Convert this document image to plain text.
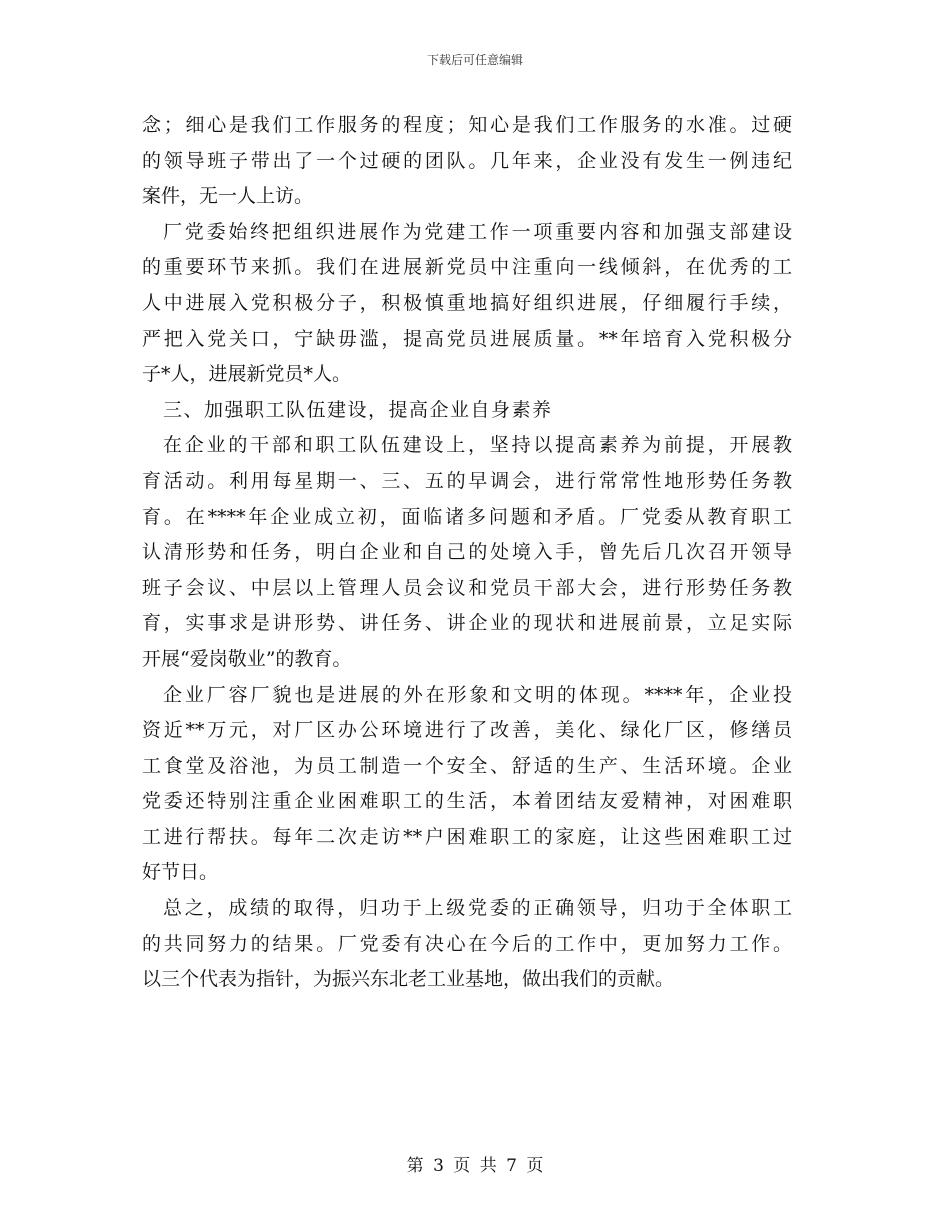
下载后可任意编辑
念；细心是我们工作服务的程度；知心是我们工作服务的水准。过硬
的领导班子带出了一个过硬的团队。几年来，企业没有发生一例违纪
案件，无一人上访。
厂党委始终把组织进展作为党建工作一项重要内容和加强支部建设
的重要环节来抓。我们在进展新党员中注重向一线倾斜，在优秀的工
人中进展入党积极分子，积极慎重地搞好组织进展，仔细履行手续，
严把入党关口，宁缺毋滥，提高党员进展质量。**年培育入党积极分
子*人，进展新党员*人。
三、加强职工队伍建设，提高企业自身素养
在企业的干部和职工队伍建设上，坚持以提高素养为前提，开展教
育活动。利用每星期一、三、五的早调会，进行常常性地形势任务教
育。在****年企业成立初，面临诸多问题和矛盾。厂党委从教育职工
认清形势和任务，明白企业和自己的处境入手，曾先后几次召开领导
班子会议、中层以上管理人员会议和党员干部大会，进行形势任务教
育，实事求是讲形势、讲任务、讲企业的现状和进展前景，立足实际
开展“爱岗敬业”的教育。
企业厂容厂貌也是进展的外在形象和文明的体现。****年，企业投
资近**万元，对厂区办公环境进行了改善，美化、绿化厂区，修缮员
工食堂及浴池，为员工制造一个安全、舒适的生产、生活环境。企业
党委还特别注重企业困难职工的生活，本着团结友爱精神，对困难职
工进行帮扶。每年二次走访**户困难职工的家庭，让这些困难职工过
好节日。
总之，成绩的取得，归功于上级党委的正确领导，归功于全体职工
的共同努力的结果。厂党委有决心在今后的工作中，更加努力工作。
以三个代表为指针，为振兴东北老工业基地，做出我们的贡献。
第 3 页 共 7 页
